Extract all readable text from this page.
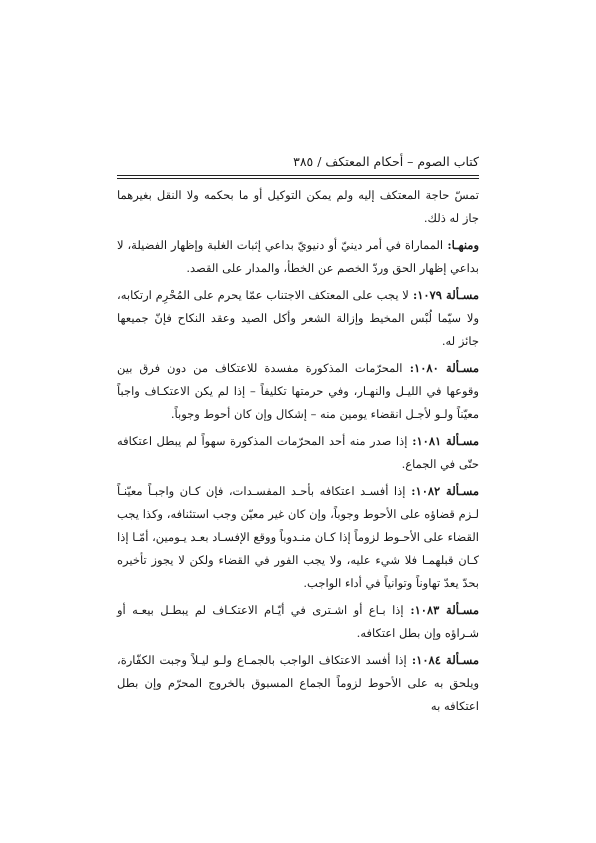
كتاب الصوم – أحكام المعتكف / ٣٨٥

تمسّ حاجة المعتكف إليه ولم يمكن التوكيل أو ما بحكمه ولا النقل بغيرهما جاز له ذلك.

ومنهـا: المماراة في أمر دينيّ أو دنيويّ بداعي إثبات الغلبة وإظهار الفضيلة، لا بداعي إظهار الحق وردّ الخصم عن الخطأ، والمدار على القصد.

مسـألة ١٠٧٩: لا يجب على المعتكف الاجتناب عمّا يحرم على المُحْرِم ارتكابه، ولا سيّما لُبْس المخيط وإزالة الشعر وأكل الصيد وعقد النكاح فإنّ جميعها جائز له.

مسـألة ١٠٨٠: المحرّمات المذكورة مفسدة للاعتكاف من دون فرق بين وقوعها في الليـل والنهـار، وفي حرمتها تكليفاً – إذا لم يكن الاعتكـاف واجباً معيّناً ولـو لأجـل انقضاء يومين منه – إشكال وإن كان أحوط وجوباً.

مسـألة ١٠٨١: إذا صدر منه أحد المحرّمات المذكورة سهواً لم يبطل اعتكافه حتّى في الجماع.

مسـألة ١٠٨٢: إذا أفسـد اعتكافه بأحـد المفسـدات، فإن كـان واجبـاً معيّنـاً لـزم قضاؤه على الأحوط وجوباً، وإن كان غير معيّن وجب استئنافه، وكذا يجب القضاء على الأحـوط لزوماً إذا كـان منـدوباً ووقع الإفسـاد بعـد يـومين، أمّـا إذا كـان قبلهمـا فلا شيء عليه، ولا يجب الفور في القضاء ولكن لا يجوز تأخيره بحدّ يعدّ تهاوناً وتوانياً في أداء الواجب.

مسـألة ١٠٨٣: إذا بـاع أو اشـترى في أيّـام الاعتكـاف لم يبطـل بيعـه أو شـراؤه وإن بطل اعتكافه.

مسـألة ١٠٨٤: إذا أفسد الاعتكاف الواجب بالجمـاع ولـو ليـلاً وجبت الكفّارة، ويلحق به على الأحوط لزوماً الجماع المسبوق بالخروج المحرّم وإن بطل اعتكافه به
